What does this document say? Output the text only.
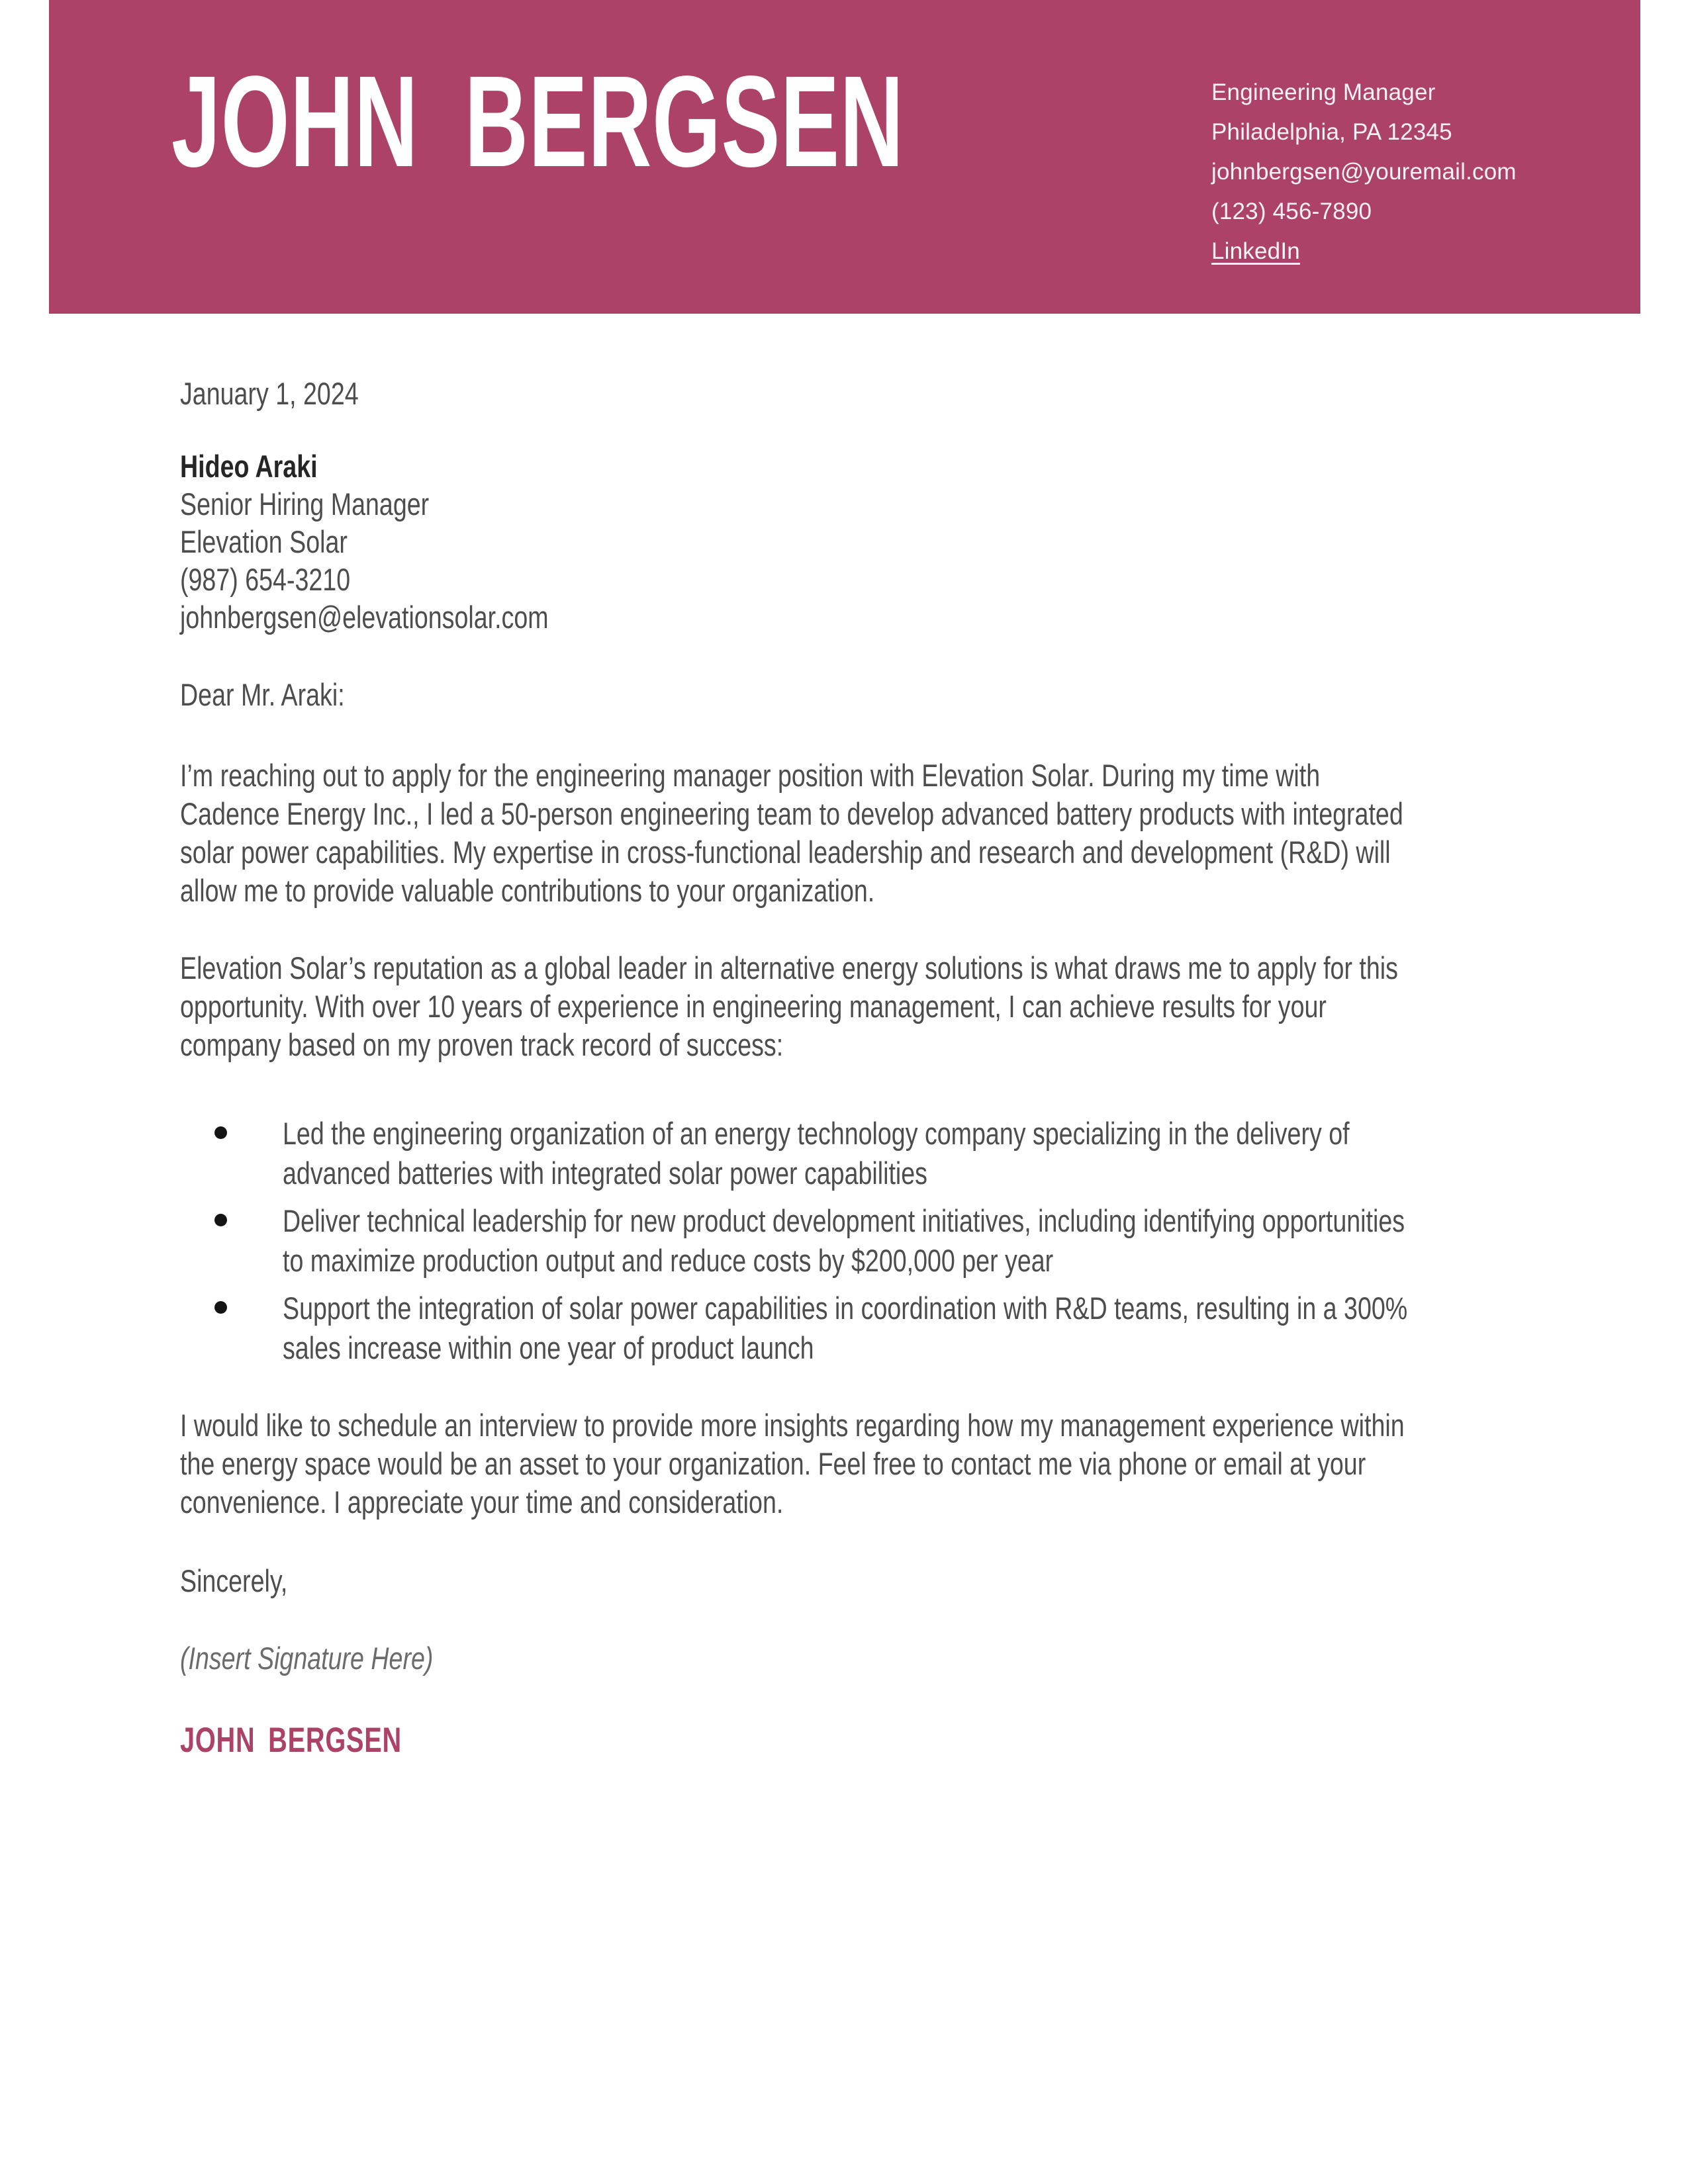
JOHN BERGSEN	Engineering Manager
Philadelphia, PA 12345
johnbergsen@youremail.com
(123) 456-7890
LinkedIn
January 1, 2024
Hideo Araki
Senior Hiring Manager
Elevation Solar
(987) 654-3210
johnbergsen@elevationsolar.com
Dear Mr. Araki:
I’m reaching out to apply for the engineering manager position with Elevation Solar. During my time with
Cadence Energy Inc., I led a 50-person engineering team to develop advanced battery products with integrated
solar power capabilities. My expertise in cross-functional leadership and research and development (R&D) will
allow me to provide valuable contributions to your organization.
Elevation Solar’s reputation as a global leader in alternative energy solutions is what draws me to apply for this
opportunity. With over 10 years of experience in engineering management, I can achieve results for your
company based on my proven track record of success:
Led the engineering organization of an energy technology company specializing in the delivery of
advanced batteries with integrated solar power capabilities
Deliver technical leadership for new product development initiatives, including identifying opportunities
to maximize production output and reduce costs by $200,000 per year
Support the integration of solar power capabilities in coordination with R&D teams, resulting in a 300%
sales increase within one year of product launch
I would like to schedule an interview to provide more insights regarding how my management experience within
the energy space would be an asset to your organization. Feel free to contact me via phone or email at your
convenience. I appreciate your time and consideration.
Sincerely,
(Insert Signature Here)
JOHN BERGSEN
